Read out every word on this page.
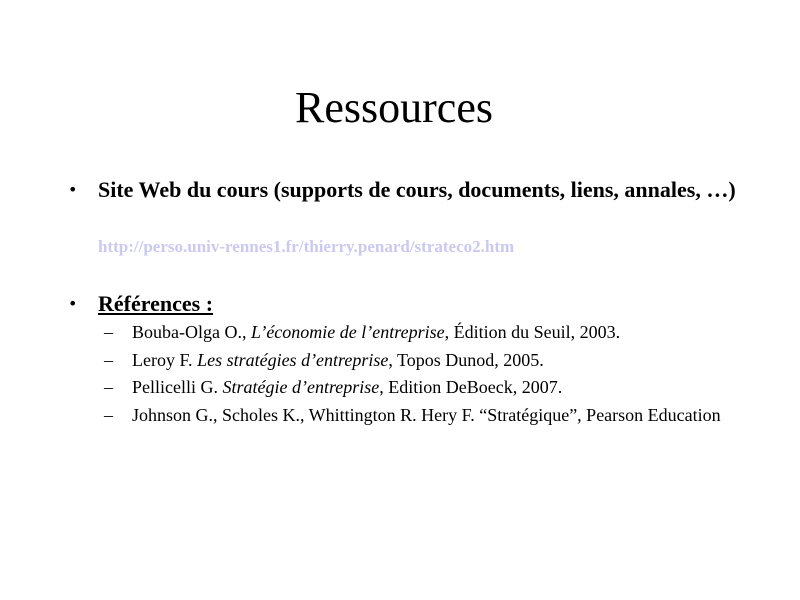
Ressources
• Site Web du cours (supports de cours, documents, liens, annales, …)
http://perso.univ-rennes1.fr/thierry.penard/strateco2.htm
• Références :
– Bouba-Olga O., L’économie de l’entreprise, Édition du Seuil, 2003.
– Leroy F. Les stratégies d’entreprise, Topos Dunod, 2005.
– Pellicelli G. Stratégie d’entreprise, Edition DeBoeck, 2007.
– Johnson G., Scholes K., Whittington R. Hery F. “Stratégique”, Pearson Education
